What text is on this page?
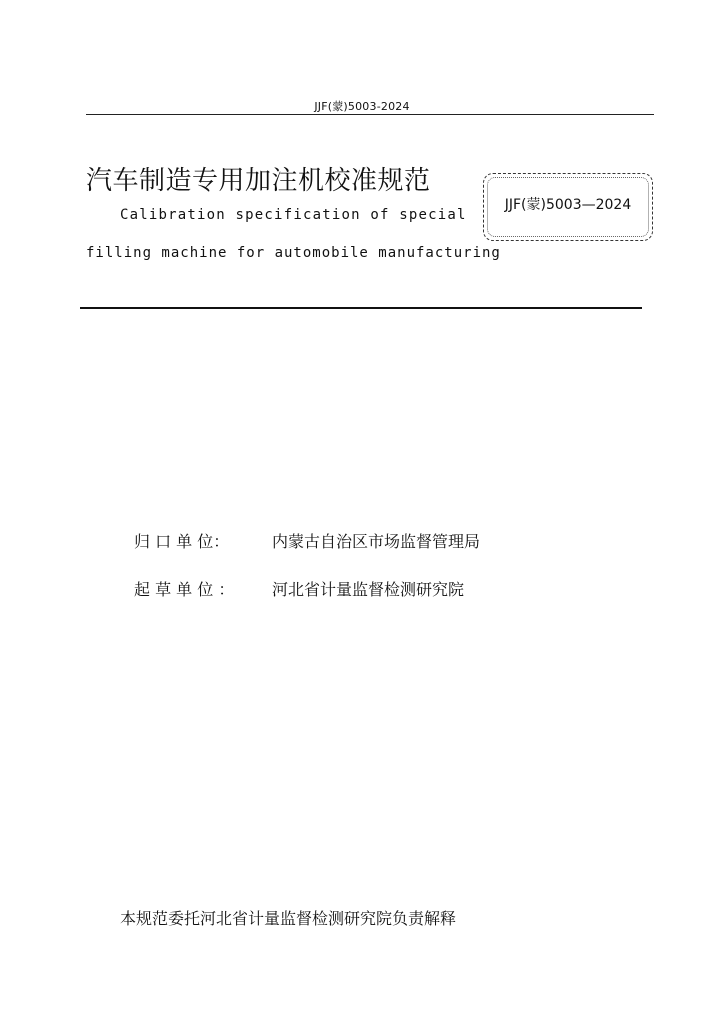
JJF(蒙)5003-2024
汽车制造专用加注机校准规范
Calibration specification of special
filling machine for automobile manufacturing
JJF(蒙)5003—2024
归 口 单 位：	内蒙古自治区市场监督管理局
起 草 单 位 ：	河北省计量监督检测研究院
本规范委托河北省计量监督检测研究院负责解释
